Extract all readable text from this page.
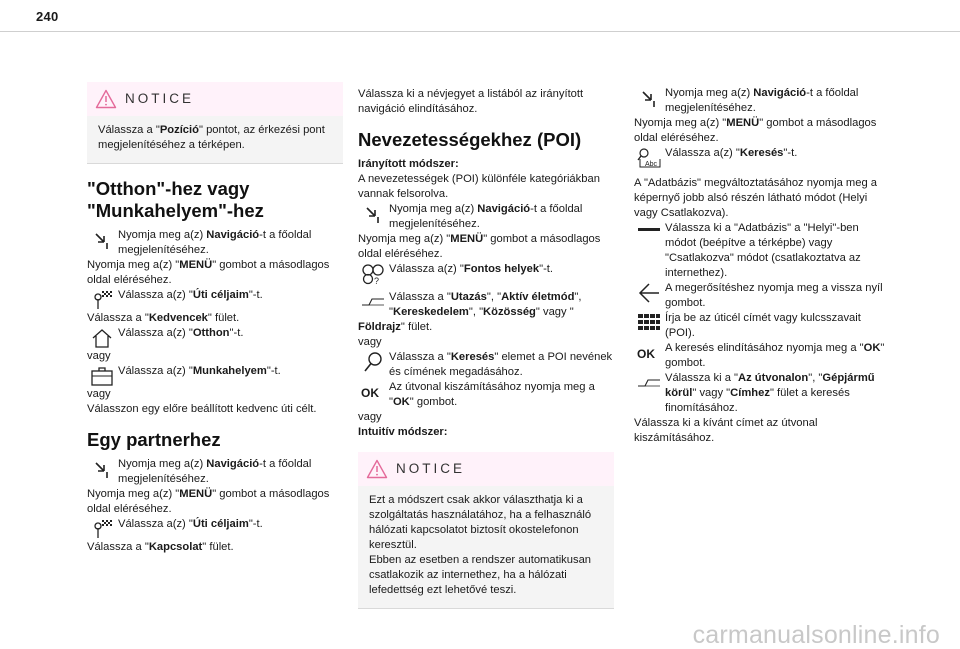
240
NOTICE
Válassza a "Pozíció" pontot, az érkezési pont megjelenítéséhez a térképen.
"Otthon"-hez vagy "Munkahelyem"-hez
Nyomja meg a(z) Navigáció-t a főoldal megjelenítéséhez.
Nyomja meg a(z) "MENÜ" gombot a másodlagos oldal eléréséhez.
Válassza a(z) "Úti céljaim"-t.
Válassza a "Kedvencek" fület.
Válassza a(z) "Otthon"-t.
vagy
Válassza a(z) "Munkahelyem"-t.
vagy
Válasszon egy előre beállított kedvenc úti célt.
Egy partnerhez
Nyomja meg a(z) Navigáció-t a főoldal megjelenítéséhez.
Nyomja meg a(z) "MENÜ" gombot a másodlagos oldal eléréséhez.
Válassza a(z) "Úti céljaim"-t.
Válassza a "Kapcsolat" fület.
Válassza ki a névjegyet a listából az irányított navigáció elindításához.
Nevezetességekhez (POI)
Irányított módszer:
A nevezetességek (POI) különféle kategóriákban vannak felsorolva.
Nyomja meg a(z) Navigáció-t a főoldal megjelenítéséhez.
Nyomja meg a(z) "MENÜ" gombot a másodlagos oldal eléréséhez.
?
Válassza a(z) "Fontos helyek"-t.
Válassza a "Utazás", "Aktív életmód", "Kereskedelem", "Közösség" vagy "
Földrajz" fület.
vagy
Válassza a "Keresés" elemet a POI nevének és címének megadásához.
OK Az útvonal kiszámításához nyomja meg a "OK" gombot.
vagy
Intuitív módszer:
NOTICE
Ezt a módszert csak akkor választhatja ki a szolgáltatás használatához, ha a felhasználó hálózati kapcsolatot biztosít okostelefonon keresztül.
Ebben az esetben a rendszer automatikusan csatlakozik az internethez, ha a hálózati lefedettség ezt lehetővé teszi.
Nyomja meg a(z) Navigáció-t a főoldal megjelenítéséhez.
Nyomja meg a(z) "MENÜ" gombot a másodlagos oldal eléréséhez.
Abc
Válassza a(z) "Keresés"-t.
A "Adatbázis" megváltoztatásához nyomja meg a képernyő jobb alsó részén látható módot (Helyi vagy Csatlakozva).
Válassza ki a "Adatbázis" a "Helyi"-ben módot (beépítve a térképbe) vagy "Csatlakozva" módot (csatlakoztatva az internethez).
A megerősítéshez nyomja meg a vissza nyíl gombot.
Írja be az úticél címét vagy kulcsszavait (POI).
OK A keresés elindításához nyomja meg a "OK" gombot.
Válassza ki a "Az útvonalon", "Gépjármű körül" vagy "Címhez" fület a keresés finomításához.
Válassza ki a kívánt címet az útvonal kiszámításához.
carmanualsonline.info
